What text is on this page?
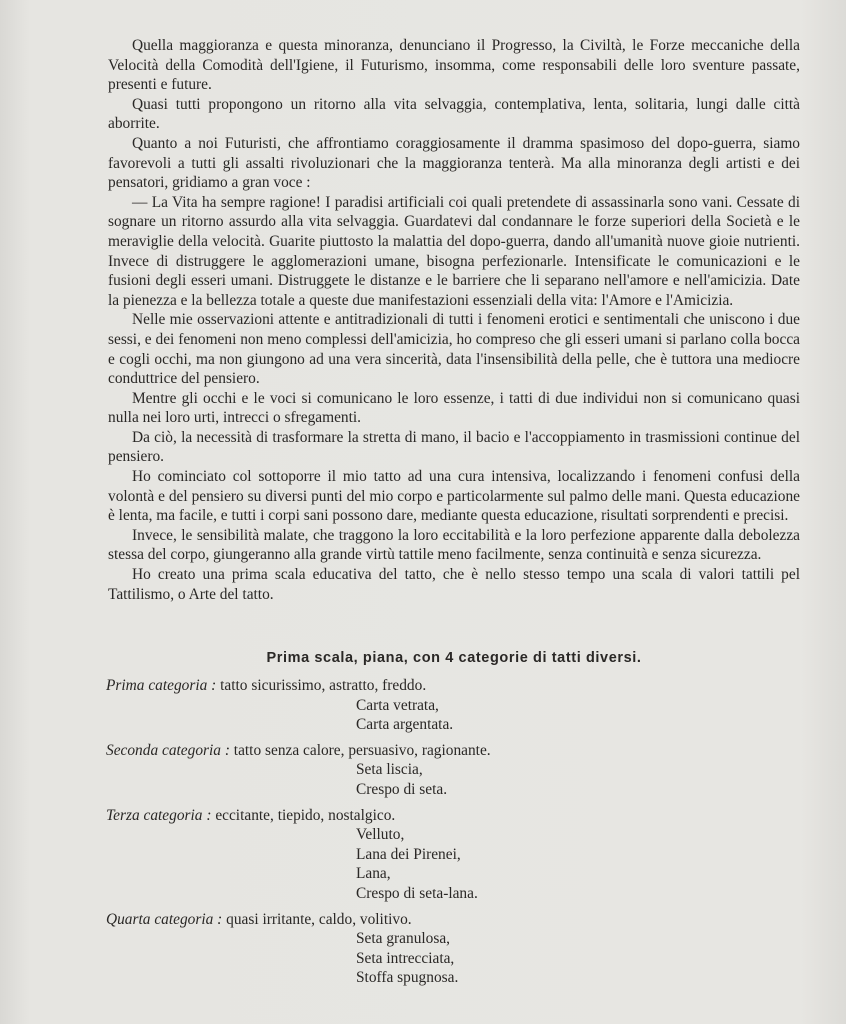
Quella maggioranza e questa minoranza, denunciano il Progresso, la Civiltà, le Forze meccaniche della Velocità della Comodità dell'Igiene, il Futurismo, insomma, come responsabili delle loro sventure passate, presenti e future.

Quasi tutti propongono un ritorno alla vita selvaggia, contemplativa, lenta, solitaria, lungi dalle città aborrite.

Quanto a noi Futuristi, che affrontiamo coraggiosamente il dramma spasimoso del dopo-guerra, siamo favorevoli a tutti gli assalti rivoluzionari che la maggioranza tenterà. Ma alla minoranza degli artisti e dei pensatori, gridiamo a gran voce :

— La Vita ha sempre ragione! I paradisi artificiali coi quali pretendete di assassinarla sono vani. Cessate di sognare un ritorno assurdo alla vita selvaggia. Guardatevi dal condannare le forze superiori della Società e le meraviglie della velocità. Guarite piuttosto la malattia del dopo-guerra, dando all'umanità nuove gioie nutrienti. Invece di distruggere le agglomerazioni umane, bisogna perfezionarle. Intensificate le comunicazioni e le fusioni degli esseri umani. Distruggete le distanze e le barriere che li separano nell'amore e nell'amicizia. Date la pienezza e la bellezza totale a queste due manifestazioni essenziali della vita: l'Amore e l'Amicizia.

Nelle mie osservazioni attente e antitradizionali di tutti i fenomeni erotici e sentimentali che uniscono i due sessi, e dei fenomeni non meno complessi dell'amicizia, ho compreso che gli esseri umani si parlano colla bocca e cogli occhi, ma non giungono ad una vera sincerità, data l'insensibilità della pelle, che è tuttora una mediocre conduttrice del pensiero.

Mentre gli occhi e le voci si comunicano le loro essenze, i tatti di due individui non si comunicano quasi nulla nei loro urti, intrecci o sfregamenti.

Da ciò, la necessità di trasformare la stretta di mano, il bacio e l'accoppiamento in trasmissioni continue del pensiero.

Ho cominciato col sottoporre il mio tatto ad una cura intensiva, localizzando i fenomeni confusi della volontà e del pensiero su diversi punti del mio corpo e particolarmente sul palmo delle mani. Questa educazione è lenta, ma facile, e tutti i corpi sani possono dare, mediante questa educazione, risultati sorprendenti e precisi.

Invece, le sensibilità malate, che traggono la loro eccitabilità e la loro perfezione apparente dalla debolezza stessa del corpo, giungeranno alla grande virtù tattile meno facilmente, senza continuità e senza sicurezza.

Ho creato una prima scala educativa del tatto, che è nello stesso tempo una scala di valori tattili pel Tattilismo, o Arte del tatto.

Prima scala, piana, con 4 categorie di tatti diversi.
Prima categoria : tatto sicurissimo, astratto, freddo.
Carta vetrata,
Carta argentata.
Seconda categoria : tatto senza calore, persuasivo, ragionante.
Seta liscia,
Crespo di seta.
Terza categoria : eccitante, tiepido, nostalgico.
Velluto,
Lana dei Pirenei,
Lana,
Crespo di seta-lana.
Quarta categoria : quasi irritante, caldo, volitivo.
Seta granulosa,
Seta intrecciata,
Stoffa spugnosa.
